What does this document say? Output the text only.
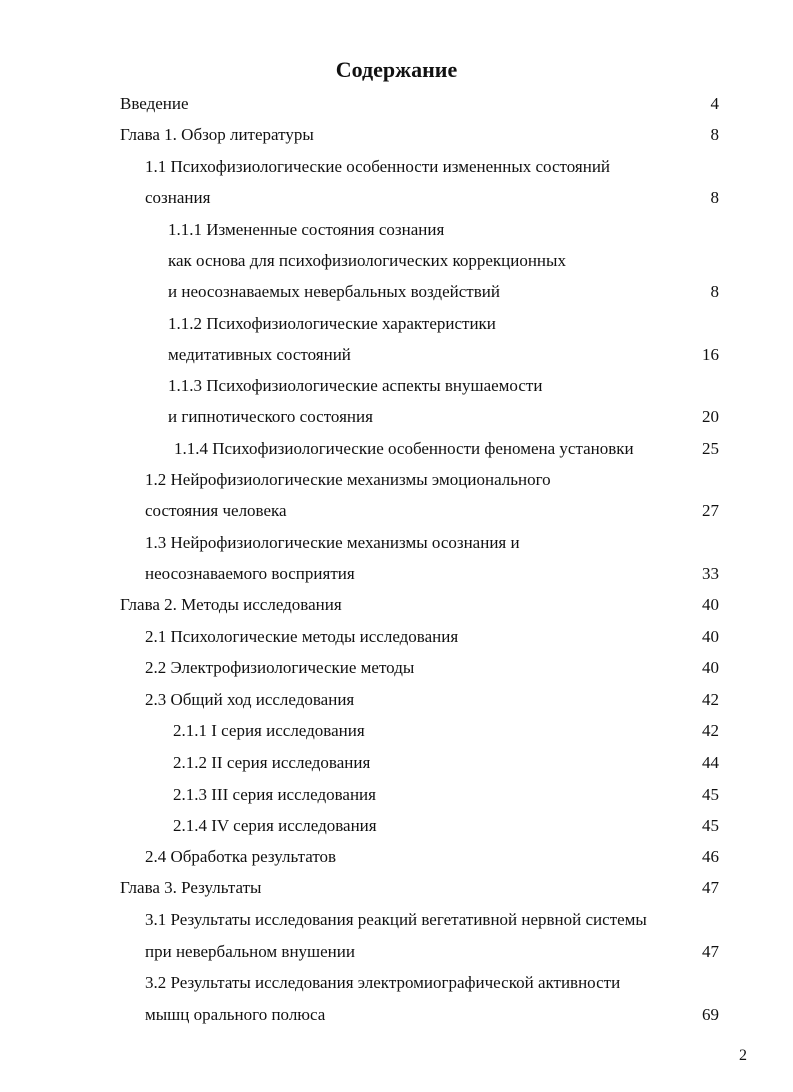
Содержание
Введение	4
Глава 1. Обзор литературы	8
1.1 Психофизиологические особенности измененных состояний
сознания	8
1.1.1 Измененные состояния сознания
как основа для психофизиологических коррекционных
и неосознаваемых невербальных воздействий	8
1.1.2 Психофизиологические характеристики
медитативных состояний	16
1.1.3 Психофизиологические аспекты внушаемости
и гипнотического состояния	20
1.1.4 Психофизиологические особенности феномена установки	25
1.2 Нейрофизиологические механизмы эмоционального
состояния человека	27
1.3 Нейрофизиологические механизмы осознания и
неосознаваемого восприятия	33
Глава 2. Методы исследования	40
2.1 Психологические методы исследования	40
2.2 Электрофизиологические методы	40
2.3 Общий ход исследования	42
2.1.1 I серия исследования	42
2.1.2 II серия исследования	44
2.1.3 III серия исследования	45
2.1.4 IV серия исследования	45
2.4 Обработка результатов	46
Глава 3. Результаты	47
3.1 Результаты исследования реакций вегетативной нервной системы
при невербальном внушении	47
3.2 Результаты исследования электромиографической активности
мышц орального полюса	69
2
